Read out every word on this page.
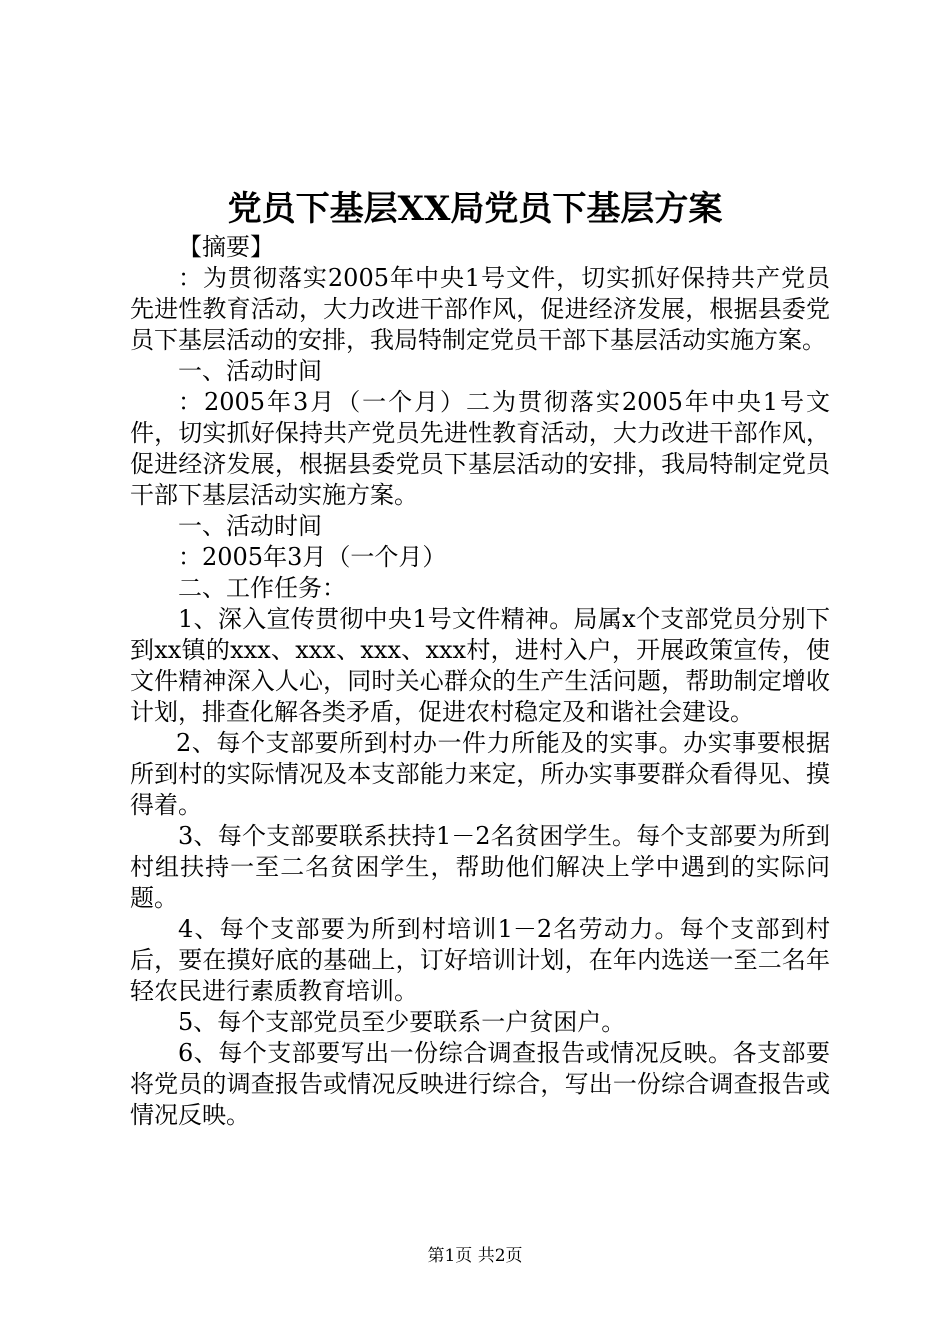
党员下基层XX局党员下基层方案

【摘要】

：为贯彻落实2005年中央1号文件，切实抓好保持共产党员先进性教育活动，大力改进干部作风，促进经济发展，根据县委党员下基层活动的安排，我局特制定党员干部下基层活动实施方案。

一、活动时间

：2005年3月（一个月）二为贯彻落实2005年中央1号文件，切实抓好保持共产党员先进性教育活动，大力改进干部作风，促进经济发展，根据县委党员下基层活动的安排，我局特制定党员干部下基层活动实施方案。

一、活动时间

：2005年3月（一个月）

二、工作任务：

1、深入宣传贯彻中央1号文件精神。局属x个支部党员分别下到xx镇的xxx、xxx、xxx、xxx村，进村入户，开展政策宣传，使文件精神深入人心，同时关心群众的生产生活问题，帮助制定增收计划，排查化解各类矛盾，促进农村稳定及和谐社会建设。

2、每个支部要所到村办一件力所能及的实事。办实事要根据所到村的实际情况及本支部能力来定，所办实事要群众看得见、摸得着。

3、每个支部要联系扶持1－2名贫困学生。每个支部要为所到村组扶持一至二名贫困学生，帮助他们解决上学中遇到的实际问题。

4、每个支部要为所到村培训1－2名劳动力。每个支部到村后，要在摸好底的基础上，订好培训计划，在年内选送一至二名年轻农民进行素质教育培训。

5、每个支部党员至少要联系一户贫困户。

6、每个支部要写出一份综合调查报告或情况反映。各支部要将党员的调查报告或情况反映进行综合，写出一份综合调查报告或情况反映。

第1页 共2页
